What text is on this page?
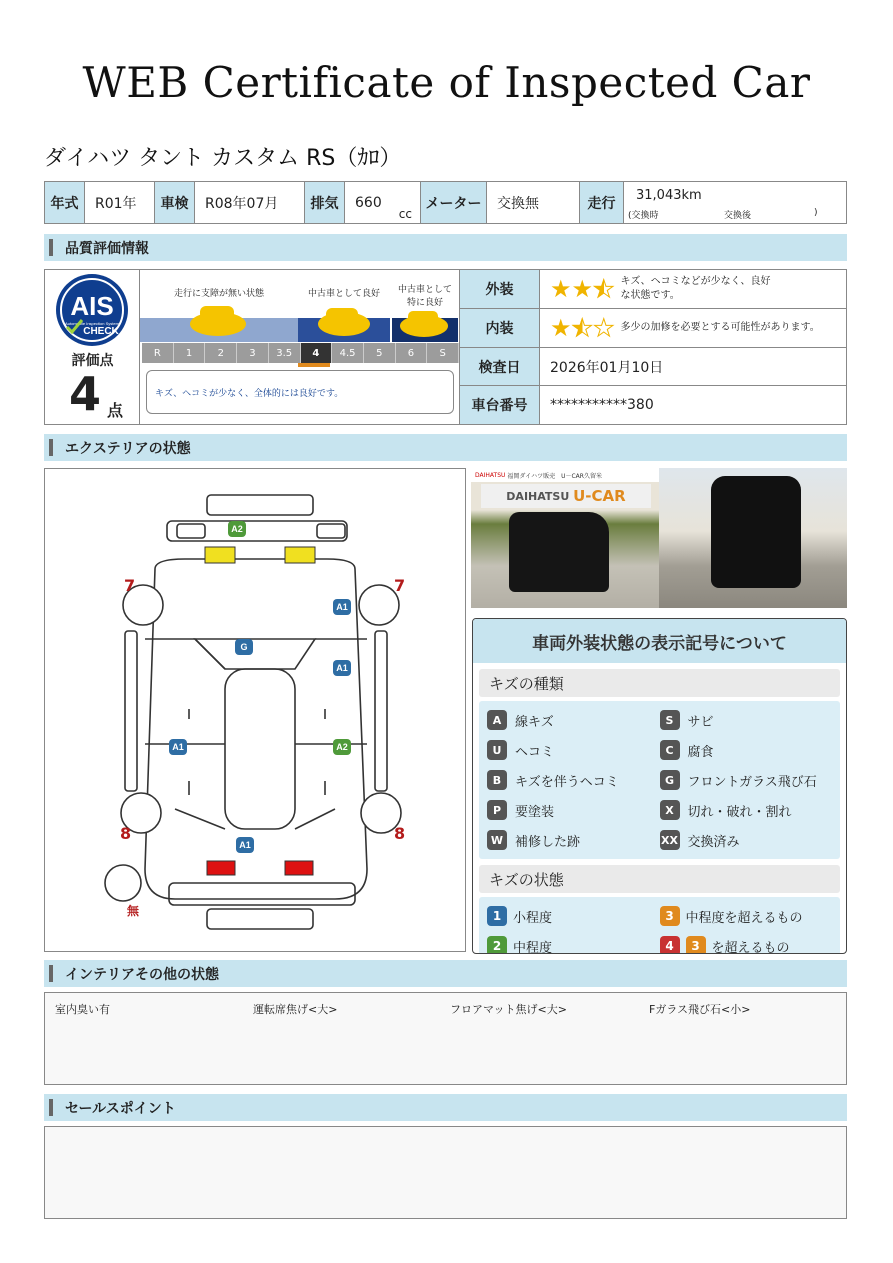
WEB Certificate of Inspected Car
ダイハツ タント カスタム RS（ｶﾛ）
年式	R01年	車検	R08年07月	排気	660
cc
メーター	交換無	走行	31,043km
(交換時	交換後	)
品質評価情報
AIS
Automobile Inspection System
CHECK
評価点
4 点
走行に支障が無い状態	中古車として良好	中古車として特に良好
R	1	2	3	3.5	4	4.5	5	6	S
キズ、ヘコミが少なく、全体的には良好です。
外装	★★★ キズ、ヘコミなどが少なく、良好な状態です。
内装	★★★ 多少の加修を必要とする可能性があります。
検査日	2026年01月10日
車台番号	***********380
エクステリアの状態
7	7
8	8
無
A2
A1
G
A1
A1	A2
A1
DAIHATSU
福岡ダイハツ販売　U－CAR久留米
DAIHATSU
U-CAR
車両外装状態の表示記号について
キズの種類
A	線キズ	S	サビ
U	ヘコミ	C	腐食
B	キズを伴うヘコミ	G	フロントガラス飛び石
P	要塗装	X	切れ・破れ・割れ
W 補修した跡	XX 交換済み
キズの状態
1 小程度	3 中程度を超えるもの
2 中程度	4	3 を超えるもの
インテリアその他の状態
室内臭い有	運転席焦げ<大>	フロアマット焦げ<大>	Fガラス飛び石<小>
セールスポイント
